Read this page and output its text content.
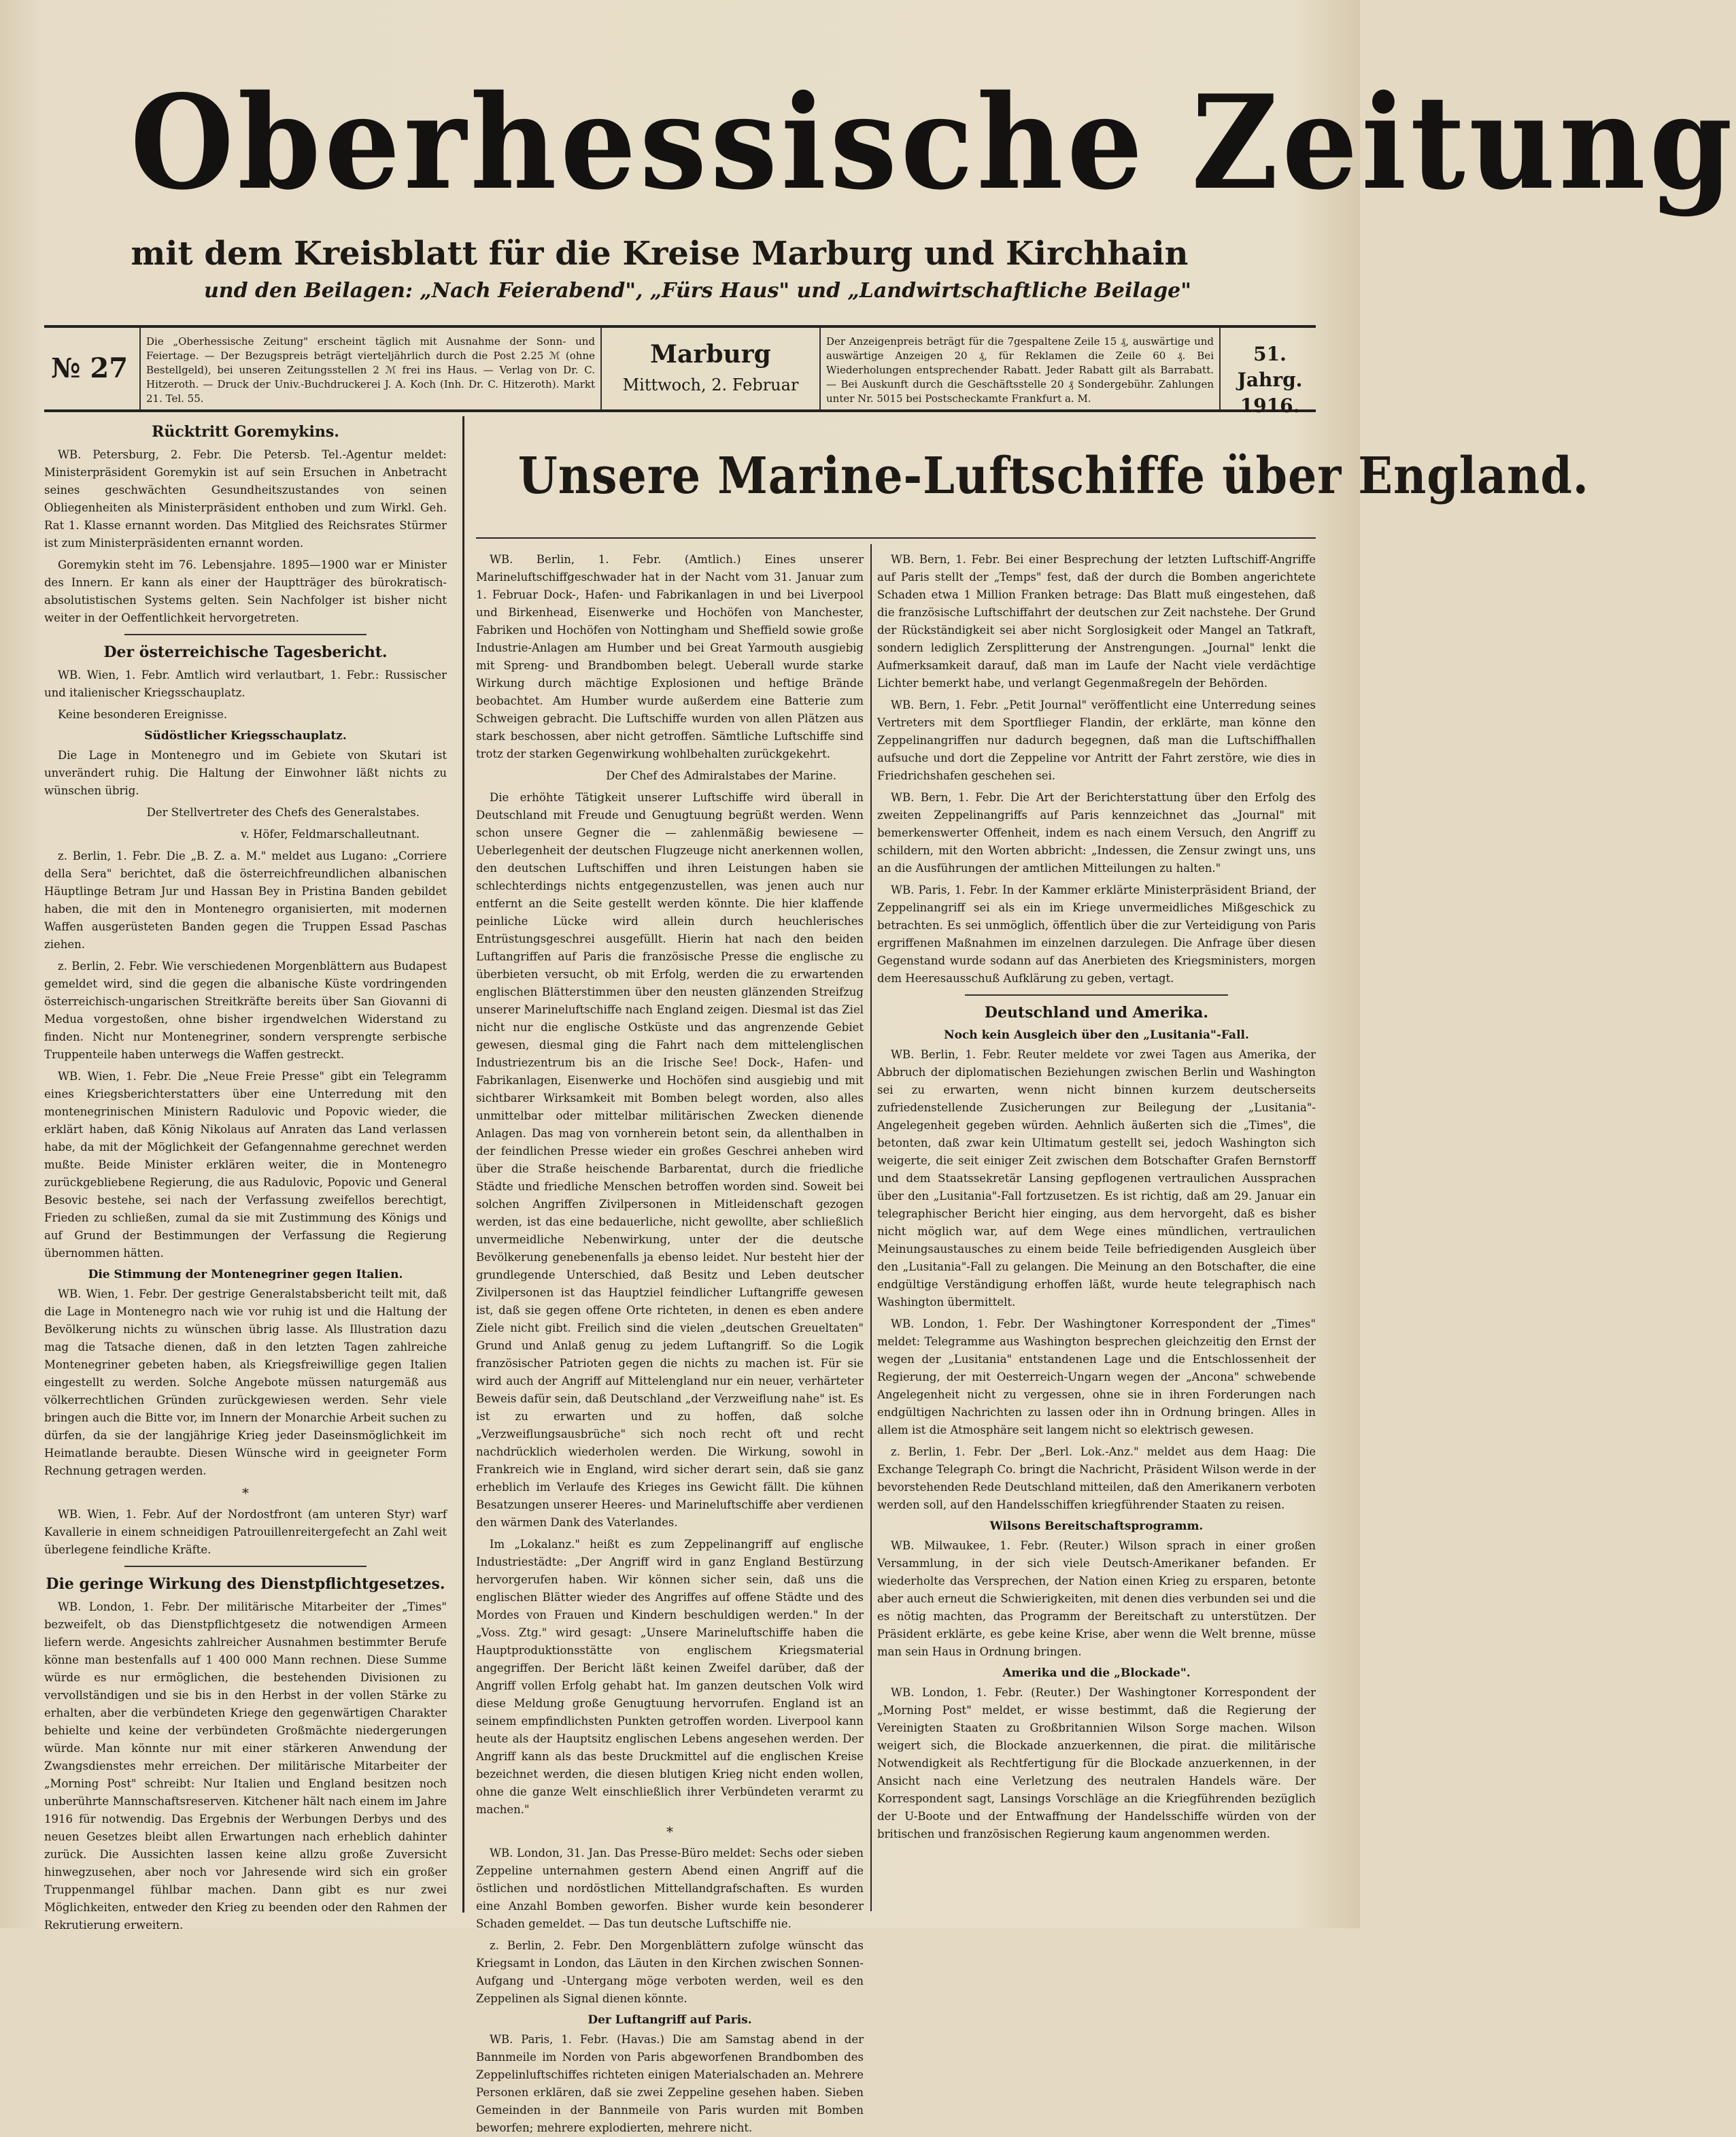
Oberhessische Zeitung
mit dem Kreisblatt für die Kreise Marburg und Kirchhain
und den Beilagen: „Nach Feierabend", „Fürs Haus" und „Landwirtschaftliche Beilage"
№ 27
Die „Oberhessische Zeitung" erscheint täglich mit Ausnahme der Sonn- und Feiertage. — Der Bezugspreis beträgt vierteljährlich durch die Post 2.25 ℳ (ohne Bestellgeld), bei unseren Zeitungsstellen 2 ℳ frei ins Haus. — Verlag von Dr. C. Hitzeroth. — Druck der Univ.-Buchdruckerei J. A. Koch (Inh. Dr. C. Hitzeroth). Markt 21. Tel. 55.
Marburg
Mittwoch, 2. Februar
Der Anzeigenpreis beträgt für die 7gespaltene Zeile 15 ₰, auswärtige und auswärtige Anzeigen 20 ₰, für Reklamen die Zeile 60 ₰. Bei Wiederholungen entsprechender Rabatt. Jeder Rabatt gilt als Barrabatt. — Bei Auskunft durch die Geschäftsstelle 20 ₰ Sondergebühr. Zahlungen unter Nr. 5015 bei Postscheckamte Frankfurt a. M.
51. Jahrg.
1916.
Rücktritt Goremykins.

WB. Petersburg, 2. Febr. Die Petersb. Tel.-Agentur meldet: Ministerpräsident Goremykin ist auf sein Ersuchen in Anbetracht seines geschwächten Gesundheitszustandes von seinen Obliegenheiten als Ministerpräsident enthoben und zum Wirkl. Geh. Rat 1. Klasse ernannt worden. Das Mitglied des Reichsrates Stürmer ist zum Ministerpräsidenten ernannt worden.

Goremykin steht im 76. Lebensjahre. 1895—1900 war er Minister des Innern. Er kann als einer der Hauptträger des bürokratisch-absolutistischen Systems gelten. Sein Nachfolger ist bisher nicht weiter in der Oeffentlichkeit hervorgetreten.

Der österreichische Tagesbericht.

WB. Wien, 1. Febr. Amtlich wird verlautbart, 1. Febr.: Russischer und italienischer Kriegsschauplatz.

Keine besonderen Ereignisse.

Südöstlicher Kriegsschauplatz.

Die Lage in Montenegro und im Gebiete von Skutari ist unverändert ruhig. Die Haltung der Einwohner läßt nichts zu wünschen übrig.

Der Stellvertreter des Chefs des Generalstabes.

v. Höfer, Feldmarschalleutnant.

z. Berlin, 1. Febr. Die „B. Z. a. M." meldet aus Lugano: „Corriere della Sera" berichtet, daß die österreichfreundlichen albanischen Häuptlinge Betram Jur und Hassan Bey in Pristina Banden gebildet haben, die mit den in Montenegro organisierten, mit modernen Waffen ausgerüsteten Banden gegen die Truppen Essad Paschas ziehen.

z. Berlin, 2. Febr. Wie verschiedenen Morgenblättern aus Budapest gemeldet wird, sind die gegen die albanische Küste vordringenden österreichisch-ungarischen Streitkräfte bereits über San Giovanni di Medua vorgestoßen, ohne bisher irgendwelchen Widerstand zu finden. Nicht nur Montenegriner, sondern versprengte serbische Truppenteile haben unterwegs die Waffen gestreckt.

WB. Wien, 1. Febr. Die „Neue Freie Presse" gibt ein Telegramm eines Kriegsberichterstatters über eine Unterredung mit den montenegrinischen Ministern Radulovic und Popovic wieder, die erklärt haben, daß König Nikolaus auf Anraten das Land verlassen habe, da mit der Möglichkeit der Gefangennahme gerechnet werden mußte. Beide Minister erklären weiter, die in Montenegro zurückgebliebene Regierung, die aus Radulovic, Popovic und General Besovic bestehe, sei nach der Verfassung zweifellos berechtigt, Frieden zu schließen, zumal da sie mit Zustimmung des Königs und auf Grund der Bestimmungen der Verfassung die Regierung übernommen hätten.

Die Stimmung der Montenegriner gegen Italien.

WB. Wien, 1. Febr. Der gestrige Generalstabsbericht teilt mit, daß die Lage in Montenegro nach wie vor ruhig ist und die Haltung der Bevölkerung nichts zu wünschen übrig lasse. Als Illustration dazu mag die Tatsache dienen, daß in den letzten Tagen zahlreiche Montenegriner gebeten haben, als Kriegsfreiwillige gegen Italien eingestellt zu werden. Solche Angebote müssen naturgemäß aus völkerrechtlichen Gründen zurückgewiesen werden. Sehr viele bringen auch die Bitte vor, im Innern der Monarchie Arbeit suchen zu dürfen, da sie der langjährige Krieg jeder Daseinsmöglichkeit im Heimatlande beraubte. Diesen Wünsche wird in geeigneter Form Rechnung getragen werden.

*

WB. Wien, 1. Febr. Auf der Nordostfront (am unteren Styr) warf Kavallerie in einem schneidigen Patrouillenreitergefecht an Zahl weit überlegene feindliche Kräfte.

Die geringe Wirkung des Dienstpflichtgesetzes.

WB. London, 1. Febr. Der militärische Mitarbeiter der „Times" bezweifelt, ob das Dienstpflichtgesetz die notwendigen Armeen liefern werde. Angesichts zahlreicher Ausnahmen bestimmter Berufe könne man bestenfalls auf 1 400 000 Mann rechnen. Diese Summe würde es nur ermöglichen, die bestehenden Divisionen zu vervollständigen und sie bis in den Herbst in der vollen Stärke zu erhalten, aber die verbündeten Kriege den gegenwärtigen Charakter behielte und keine der verbündeten Großmächte niedergerungen würde. Man könnte nur mit einer stärkeren Anwendung der Zwangsdienstes mehr erreichen. Der militärische Mitarbeiter der „Morning Post" schreibt: Nur Italien und England besitzen noch unberührte Mannschaftsreserven. Kitchener hält nach einem im Jahre 1916 für notwendig. Das Ergebnis der Werbungen Derbys und des neuen Gesetzes bleibt allen Erwartungen nach erheblich dahinter zurück. Die Aussichten lassen keine allzu große Zuversicht hinwegzusehen, aber noch vor Jahresende wird sich ein großer Truppenmangel fühlbar machen. Dann gibt es nur zwei Möglichkeiten, entweder den Krieg zu beenden oder den Rahmen der Rekrutierung erweitern.

Unsere Marine-Luftschiffe über England.

WB. Berlin, 1. Febr. (Amtlich.) Eines unserer Marineluftschiffgeschwader hat in der Nacht vom 31. Januar zum 1. Februar Dock-, Hafen- und Fabrikanlagen in und bei Liverpool und Birkenhead, Eisenwerke und Hochöfen von Manchester, Fabriken und Hochöfen von Nottingham und Sheffield sowie große Industrie-Anlagen am Humber und bei Great Yarmouth ausgiebig mit Spreng- und Brandbomben belegt. Ueberall wurde starke Wirkung durch mächtige Explosionen und heftige Brände beobachtet. Am Humber wurde außerdem eine Batterie zum Schweigen gebracht. Die Luftschiffe wurden von allen Plätzen aus stark beschossen, aber nicht getroffen. Sämtliche Luftschiffe sind trotz der starken Gegenwirkung wohlbehalten zurückgekehrt.

Der Chef des Admiralstabes der Marine.

Die erhöhte Tätigkeit unserer Luftschiffe wird überall in Deutschland mit Freude und Genugtuung begrüßt werden. Wenn schon unsere Gegner die — zahlenmäßig bewiesene — Ueberlegenheit der deutschen Flugzeuge nicht anerkennen wollen, den deutschen Luftschiffen und ihren Leistungen haben sie schlechterdings nichts entgegenzustellen, was jenen auch nur entfernt an die Seite gestellt werden könnte. Die hier klaffende peinliche Lücke wird allein durch heuchlerisches Entrüstungsgeschrei ausgefüllt. Hierin hat nach den beiden Luftangriffen auf Paris die französische Presse die englische zu überbieten versucht, ob mit Erfolg, werden die zu erwartenden englischen Blätterstimmen über den neusten glänzenden Streifzug unserer Marineluftschiffe nach England zeigen. Diesmal ist das Ziel nicht nur die englische Ostküste und das angrenzende Gebiet gewesen, diesmal ging die Fahrt nach dem mittelenglischen Industriezentrum bis an die Irische See! Dock-, Hafen- und Fabrikanlagen, Eisenwerke und Hochöfen sind ausgiebig und mit sichtbarer Wirksamkeit mit Bomben belegt worden, also alles unmittelbar oder mittelbar militärischen Zwecken dienende Anlagen. Das mag von vornherein betont sein, da allenthalben in der feindlichen Presse wieder ein großes Geschrei anheben wird über die Straße heischende Barbarentat, durch die friedliche Städte und friedliche Menschen betroffen worden sind. Soweit bei solchen Angriffen Zivilpersonen in Mitleidenschaft gezogen werden, ist das eine bedauerliche, nicht gewollte, aber schließlich unvermeidliche Nebenwirkung, unter der die deutsche Bevölkerung genebenenfalls ja ebenso leidet. Nur besteht hier der grundlegende Unterschied, daß Besitz und Leben deutscher Zivilpersonen ist das Hauptziel feindlicher Luftangriffe gewesen ist, daß sie gegen offene Orte richteten, in denen es eben andere Ziele nicht gibt. Freilich sind die vielen „deutschen Greueltaten" Grund und Anlaß genug zu jedem Luftangriff. So die Logik französischer Patrioten gegen die nichts zu machen ist. Für sie wird auch der Angriff auf Mittelengland nur ein neuer, verhärteter Beweis dafür sein, daß Deutschland „der Verzweiflung nahe" ist. Es ist zu erwarten und zu hoffen, daß solche „Verzweiflungsausbrüche" sich noch recht oft und recht nachdrücklich wiederholen werden. Die Wirkung, sowohl in Frankreich wie in England, wird sicher derart sein, daß sie ganz erheblich im Verlaufe des Krieges ins Gewicht fällt. Die kühnen Besatzungen unserer Heeres- und Marineluftschiffe aber verdienen den wärmen Dank des Vaterlandes.

Im „Lokalanz." heißt es zum Zeppelinangriff auf englische Industriestädte: „Der Angriff wird in ganz England Bestürzung hervorgerufen haben. Wir können sicher sein, daß uns die englischen Blätter wieder des Angriffes auf offene Städte und des Mordes von Frauen und Kindern beschuldigen werden." In der „Voss. Ztg." wird gesagt: „Unsere Marineluftschiffe haben die Hauptproduktionsstätte von englischem Kriegsmaterial angegriffen. Der Bericht läßt keinen Zweifel darüber, daß der Angriff vollen Erfolg gehabt hat. Im ganzen deutschen Volk wird diese Meldung große Genugtuung hervorrufen. England ist an seinem empfindlichsten Punkten getroffen worden. Liverpool kann heute als der Hauptsitz englischen Lebens angesehen werden. Der Angriff kann als das beste Druckmittel auf die englischen Kreise bezeichnet werden, die diesen blutigen Krieg nicht enden wollen, ohne die ganze Welt einschließlich ihrer Verbündeten verarmt zu machen."

*

WB. London, 31. Jan. Das Presse-Büro meldet: Sechs oder sieben Zeppeline unternahmen gestern Abend einen Angriff auf die östlichen und nordöstlichen Mittellandgrafschaften. Es wurden eine Anzahl Bomben geworfen. Bisher wurde kein besonderer Schaden gemeldet. — Das tun deutsche Luftschiffe nie.

z. Berlin, 2. Febr. Den Morgenblättern zufolge wünscht das Kriegsamt in London, das Läuten in den Kirchen zwischen Sonnen-Aufgang und -Untergang möge verboten werden, weil es den Zeppelinen als Signal dienen könnte.

Der Luftangriff auf Paris.

WB. Paris, 1. Febr. (Havas.) Die am Samstag abend in der Bannmeile im Norden von Paris abgeworfenen Brandbomben des Zeppelinluftschiffes richteten einigen Materialschaden an. Mehrere Personen erklären, daß sie zwei Zeppeline gesehen haben. Sieben Gemeinden in der Bannmeile von Paris wurden mit Bomben beworfen; mehrere explodierten, mehrere nicht.

WB. Bern, 1. Febr. Bei einer Besprechung der letzten Luftschiff-Angriffe auf Paris stellt der „Temps" fest, daß der durch die Bomben angerichtete Schaden etwa 1 Million Franken betrage: Das Blatt muß eingestehen, daß die französische Luftschiffahrt der deutschen zur Zeit nachstehe. Der Grund der Rückständigkeit sei aber nicht Sorglosigkeit oder Mangel an Tatkraft, sondern lediglich Zersplitterung der Anstrengungen. „Journal" lenkt die Aufmerksamkeit darauf, daß man im Laufe der Nacht viele verdächtige Lichter bemerkt habe, und verlangt Gegenmaßregeln der Behörden.

WB. Bern, 1. Febr. „Petit Journal" veröffentlicht eine Unterredung seines Vertreters mit dem Sportflieger Flandin, der erklärte, man könne den Zeppelinangriffen nur dadurch begegnen, daß man die Luftschiffhallen aufsuche und dort die Zeppeline vor Antritt der Fahrt zerstöre, wie dies in Friedrichshafen geschehen sei.

WB. Bern, 1. Febr. Die Art der Berichterstattung über den Erfolg des zweiten Zeppelinangriffs auf Paris kennzeichnet das „Journal" mit bemerkenswerter Offenheit, indem es nach einem Versuch, den Angriff zu schildern, mit den Worten abbricht: „Indessen, die Zensur zwingt uns, uns an die Ausführungen der amtlichen Mitteilungen zu halten."

WB. Paris, 1. Febr. In der Kammer erklärte Ministerpräsident Briand, der Zeppelinangriff sei als ein im Kriege unvermeidliches Mißgeschick zu betrachten. Es sei unmöglich, öffentlich über die zur Verteidigung von Paris ergriffenen Maßnahmen im einzelnen darzulegen. Die Anfrage über diesen Gegenstand wurde sodann auf das Anerbieten des Kriegsministers, morgen dem Heeresausschuß Aufklärung zu geben, vertagt.

Deutschland und Amerika.
Noch kein Ausgleich über den „Lusitania"-Fall.

WB. Berlin, 1. Febr. Reuter meldete vor zwei Tagen aus Amerika, der Abbruch der diplomatischen Beziehungen zwischen Berlin und Washington sei zu erwarten, wenn nicht binnen kurzem deutscherseits zufriedenstellende Zusicherungen zur Beilegung der „Lusitania"-Angelegenheit gegeben würden. Aehnlich äußerten sich die „Times", die betonten, daß zwar kein Ultimatum gestellt sei, jedoch Washington sich weigerte, die seit einiger Zeit zwischen dem Botschafter Grafen Bernstorff und dem Staatssekretär Lansing gepflogenen vertraulichen Aussprachen über den „Lusitania"-Fall fortzusetzen. Es ist richtig, daß am 29. Januar ein telegraphischer Bericht hier einging, aus dem hervorgeht, daß es bisher nicht möglich war, auf dem Wege eines mündlichen, vertraulichen Meinungsaustausches zu einem beide Teile befriedigenden Ausgleich über den „Lusitania"-Fall zu gelangen. Die Meinung an den Botschafter, die eine endgültige Verständigung erhoffen läßt, wurde heute telegraphisch nach Washington übermittelt.

WB. London, 1. Febr. Der Washingtoner Korrespondent der „Times" meldet: Telegramme aus Washington besprechen gleichzeitig den Ernst der wegen der „Lusitania" entstandenen Lage und die Entschlossenheit der Regierung, der mit Oesterreich-Ungarn wegen der „Ancona" schwebende Angelegenheit nicht zu vergessen, ohne sie in ihren Forderungen nach endgültigen Nachrichten zu lassen oder ihn in Ordnung bringen. Alles in allem ist die Atmosphäre seit langem nicht so elektrisch gewesen.

z. Berlin, 1. Febr. Der „Berl. Lok.-Anz." meldet aus dem Haag: Die Exchange Telegraph Co. bringt die Nachricht, Präsident Wilson werde in der bevorstehenden Rede Deutschland mitteilen, daß den Amerikanern verboten werden soll, auf den Handelsschiffen kriegführender Staaten zu reisen.

Wilsons Bereitschaftsprogramm.

WB. Milwaukee, 1. Febr. (Reuter.) Wilson sprach in einer großen Versammlung, in der sich viele Deutsch-Amerikaner befanden. Er wiederholte das Versprechen, der Nation einen Krieg zu ersparen, betonte aber auch erneut die Schwierigkeiten, mit denen dies verbunden sei und die es nötig machten, das Programm der Bereitschaft zu unterstützen. Der Präsident erklärte, es gebe keine Krise, aber wenn die Welt brenne, müsse man sein Haus in Ordnung bringen.

Amerika und die „Blockade".

WB. London, 1. Febr. (Reuter.) Der Washingtoner Korrespondent der „Morning Post" meldet, er wisse bestimmt, daß die Regierung der Vereinigten Staaten zu Großbritannien Wilson Sorge machen. Wilson weigert sich, die Blockade anzuerkennen, die pirat. die militärische Notwendigkeit als Rechtfertigung für die Blockade anzuerkennen, in der Ansicht nach eine Verletzung des neutralen Handels wäre. Der Korrespondent sagt, Lansings Vorschläge an die Kriegführenden bezüglich der U-Boote und der Entwaffnung der Handelsschiffe würden von der britischen und französischen Regierung kaum angenommen werden.
